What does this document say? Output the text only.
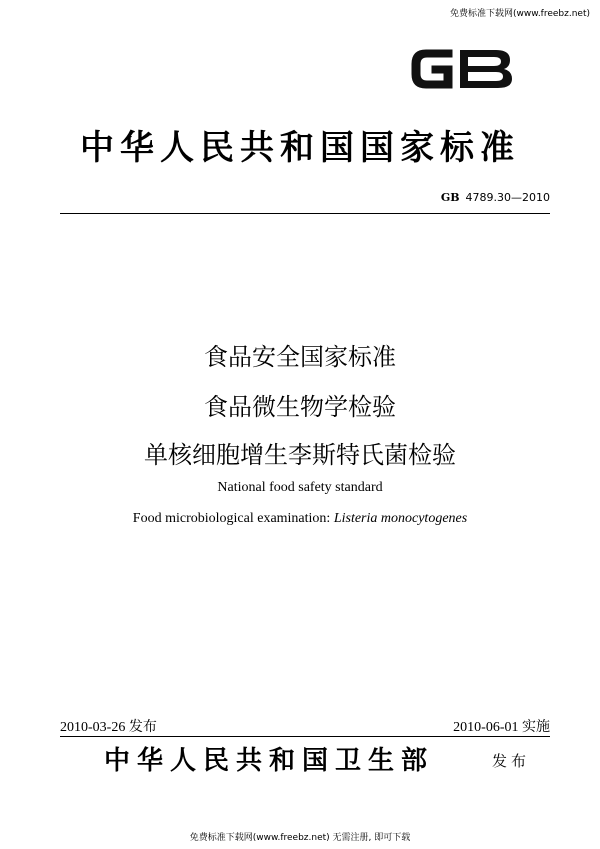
免费标准下载网(www.freebz.net)
中华人民共和国国家标准
GB 4789.30—2010
食品安全国家标准
食品微生物学检验
单核细胞增生李斯特氏菌检验
National food safety standard
Food microbiological examination: Listeria monocytogenes
2010-03-26 发布	2010-06-01 实施
中华人民共和国卫生部	发布
免费标准下载网(www.freebz.net) 无需注册, 即可下载
